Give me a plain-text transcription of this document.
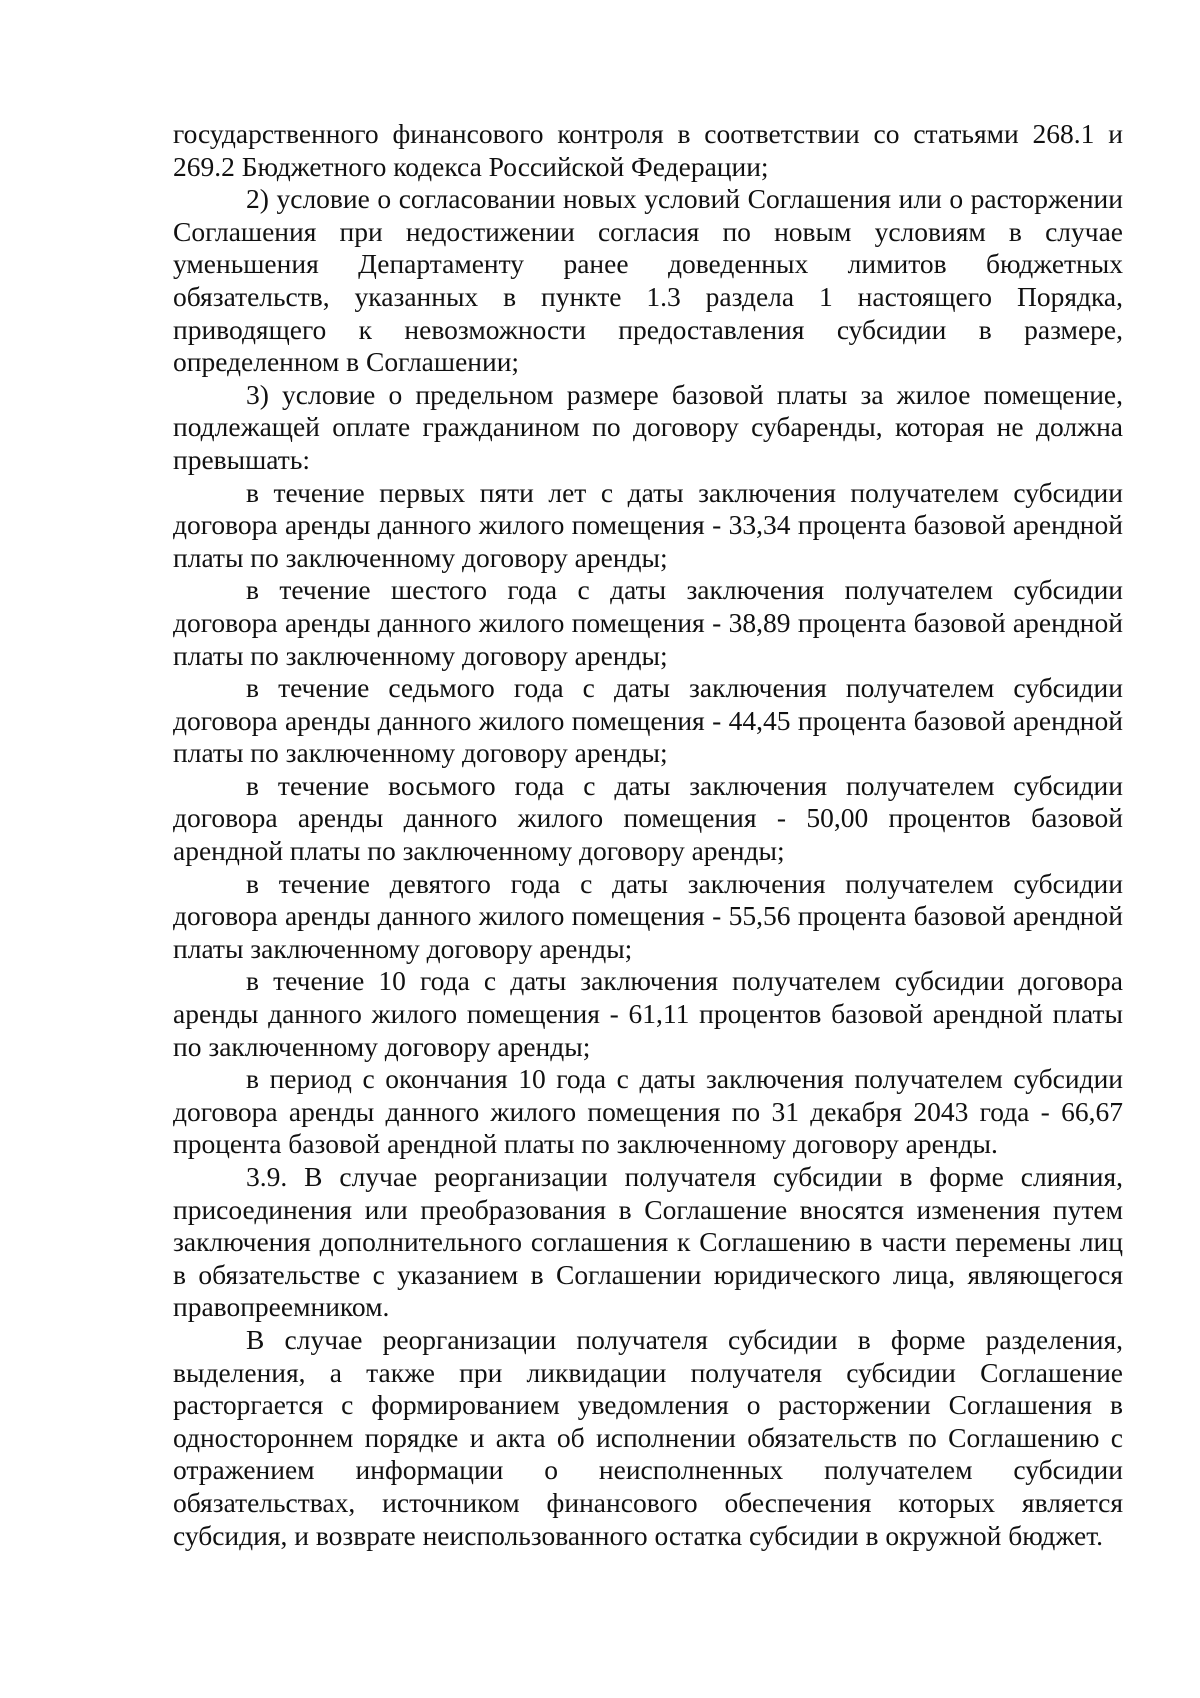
государственного финансового контроля в соответствии со статьями 268.1 и 269.2 Бюджетного кодекса Российской Федерации;

2) условие о согласовании новых условий Соглашения или о расторжении Соглашения при недостижении согласия по новым условиям в случае уменьшения Департаменту ранее доведенных лимитов бюджетных обязательств, указанных в пункте 1.3 раздела 1 настоящего Порядка, приводящего к невозможности предоставления субсидии в размере, определенном в Соглашении;

3) условие о предельном размере базовой платы за жилое помещение, подлежащей оплате гражданином по договору субаренды, которая не должна превышать:

в течение первых пяти лет с даты заключения получателем субсидии договора аренды данного жилого помещения - 33,34 процента базовой арендной платы по заключенному договору аренды;

в течение шестого года с даты заключения получателем субсидии договора аренды данного жилого помещения - 38,89 процента базовой арендной платы по заключенному договору аренды;

в течение седьмого года с даты заключения получателем субсидии договора аренды данного жилого помещения - 44,45 процента базовой арендной платы по заключенному договору аренды;

в течение восьмого года с даты заключения получателем субсидии договора аренды данного жилого помещения - 50,00 процентов базовой арендной платы по заключенному договору аренды;

в течение девятого года с даты заключения получателем субсидии договора аренды данного жилого помещения - 55,56 процента базовой арендной платы заключенному договору аренды;

в течение 10 года с даты заключения получателем субсидии договора аренды данного жилого помещения - 61,11 процентов базовой арендной платы по заключенному договору аренды;

в период с окончания 10 года с даты заключения получателем субсидии договора аренды данного жилого помещения по 31 декабря 2043 года - 66,67 процента базовой арендной платы по заключенному договору аренды.

3.9. В случае реорганизации получателя субсидии в форме слияния, присоединения или преобразования в Соглашение вносятся изменения путем заключения дополнительного соглашения к Соглашению в части перемены лиц в обязательстве с указанием в Соглашении юридического лица, являющегося правопреемником.

В случае реорганизации получателя субсидии в форме разделения, выделения, а также при ликвидации получателя субсидии Соглашение расторгается с формированием уведомления о расторжении Соглашения в одностороннем порядке и акта об исполнении обязательств по Соглашению с отражением информации о неисполненных получателем субсидии обязательствах, источником финансового обеспечения которых является субсидия, и возврате неиспользованного остатка субсидии в окружной бюджет.
